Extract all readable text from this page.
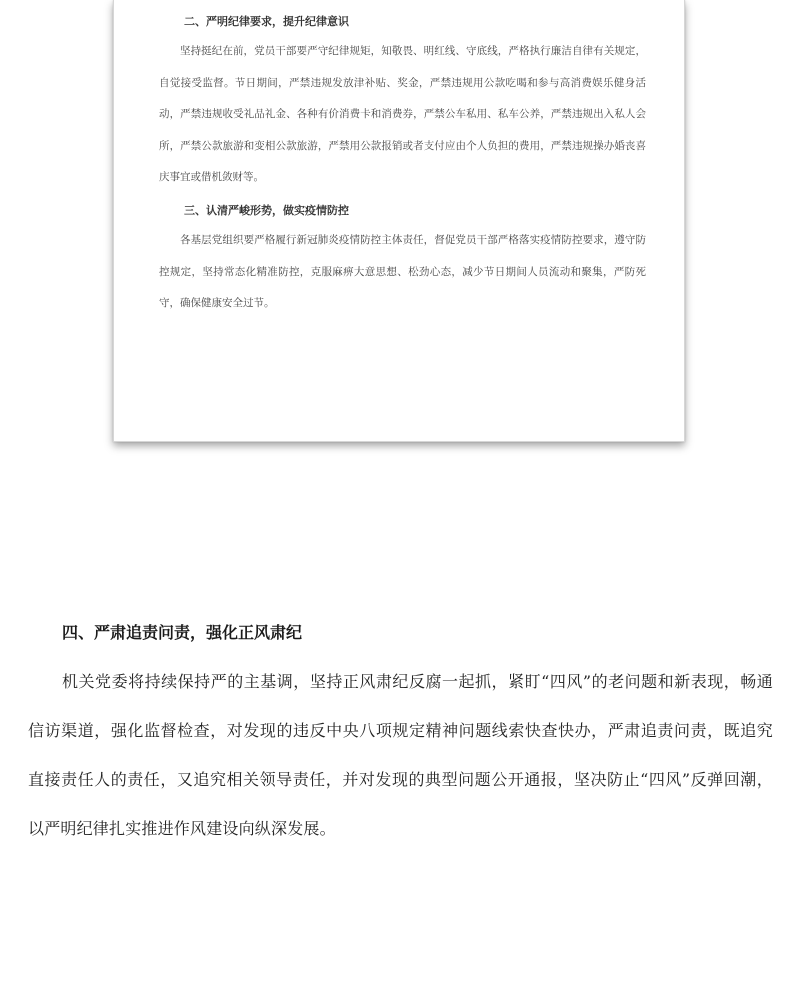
二、严明纪律要求，提升纪律意识
坚持挺纪在前，党员干部要严守纪律规矩，知敬畏、明红线、守底线，严格执行廉洁自律有关规定，自觉接受监督。节日期间，严禁违规发放津补贴、奖金，严禁违规用公款吃喝和参与高消费娱乐健身活动，严禁违规收受礼品礼金、各种有价消费卡和消费券，严禁公车私用、私车公养，严禁违规出入私人会所，严禁公款旅游和变相公款旅游，严禁用公款报销或者支付应由个人负担的费用，严禁违规操办婚丧喜庆事宜或借机敛财等。
三、认清严峻形势，做实疫情防控
各基层党组织要严格履行新冠肺炎疫情防控主体责任，督促党员干部严格落实疫情防控要求，遵守防控规定，坚持常态化精准防控，克服麻痹大意思想、松劲心态，减少节日期间人员流动和聚集，严防死守，确保健康安全过节。
四、严肃追责问责，强化正风肃纪
机关党委将持续保持严的主基调，坚持正风肃纪反腐一起抓，紧盯“四风”的老问题和新表现，畅通信访渠道，强化监督检查，对发现的违反中央八项规定精神问题线索快查快办，严肃追责问责，既追究直接责任人的责任，又追究相关领导责任，并对发现的典型问题公开通报，坚决防止“四风”反弹回潮，以严明纪律扎实推进作风建设向纵深发展。
